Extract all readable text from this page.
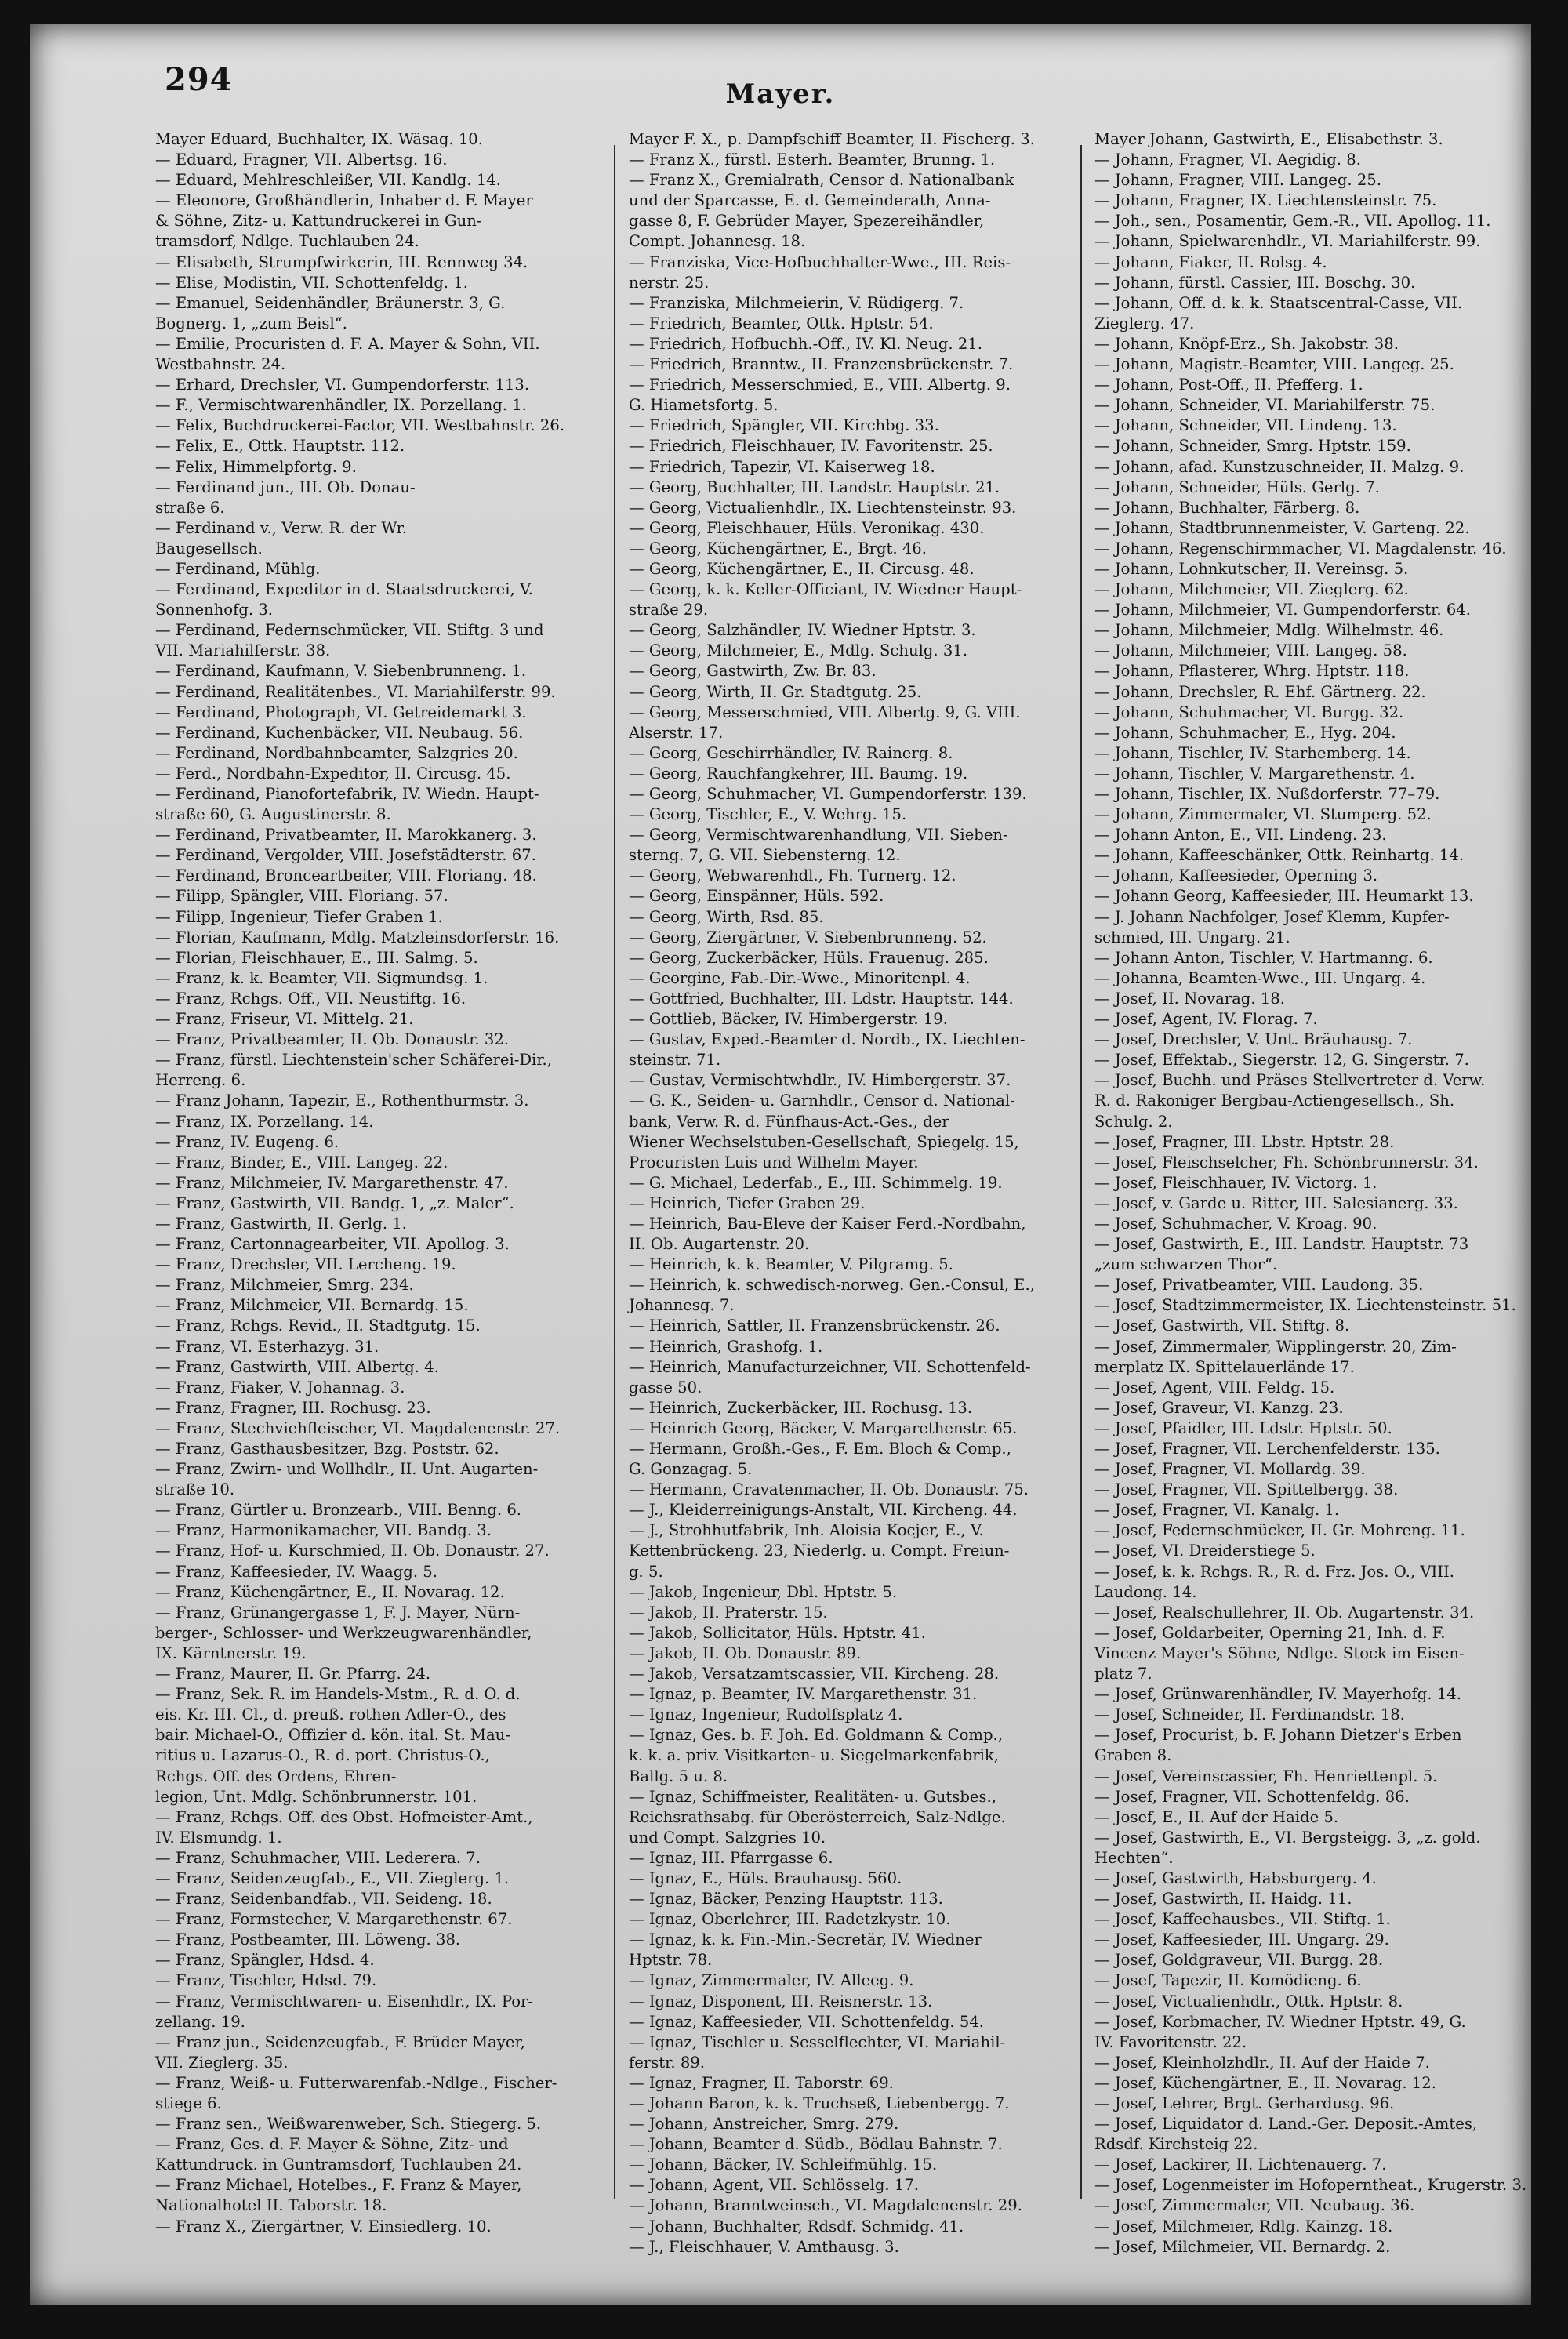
294	Mayer.
Mayer Eduard, Buchhalter, IX. Wäsag. 10.
— Eduard, Fragner, VII. Albertsg. 16.
— Eduard, Mehlreschleißer, VII. Kandlg. 14.
— Eleonore, Großhändlerin, Inhaber d. F. Mayer
& Söhne, Zitz- u. Kattundruckerei in Gun-
tramsdorf, Ndlge. Tuchlauben 24.
— Elisabeth, Strumpfwirkerin, III. Rennweg 34.
— Elise, Modistin, VII. Schottenfeldg. 1.
— Emanuel, Seidenhändler, Bräunerstr. 3, G.
Bognerg. 1, „zum Beisl“.
— Emilie, Procuristen d. F. A. Mayer & Sohn, VII.
Westbahnstr. 24.
— Erhard, Drechsler, VI. Gumpendorferstr. 113.
— F., Vermischtwarenhändler, IX. Porzellang. 1.
— Felix, Buchdruckerei-Factor, VII. Westbahnstr. 26.
— Felix, E., Ottk. Hauptstr. 112.
— Felix, Himmelpfortg. 9.
— Ferdinand jun., III. Ob. Donau-
straße 6.
— Ferdinand v., Verw. R. der Wr.
Baugesellsch.
— Ferdinand, Mühlg.
— Ferdinand, Expeditor in d. Staatsdruckerei, V.
Sonnenhofg. 3.
— Ferdinand, Federnschmücker, VII. Stiftg. 3 und
VII. Mariahilferstr. 38.
— Ferdinand, Kaufmann, V. Siebenbrunneng. 1.
— Ferdinand, Realitätenbes., VI. Mariahilferstr. 99.
— Ferdinand, Photograph, VI. Getreidemarkt 3.
— Ferdinand, Kuchenbäcker, VII. Neubaug. 56.
— Ferdinand, Nordbahnbeamter, Salzgries 20.
— Ferd., Nordbahn-Expeditor, II. Circusg. 45.
— Ferdinand, Pianofortefabrik, IV. Wiedn. Haupt-
straße 60, G. Augustinerstr. 8.
— Ferdinand, Privatbeamter, II. Marokkanerg. 3.
— Ferdinand, Vergolder, VIII. Josefstädterstr. 67.
— Ferdinand, Bronceartbeiter, VIII. Floriang. 48.
— Filipp, Spängler, VIII. Floriang. 57.
— Filipp, Ingenieur, Tiefer Graben 1.
— Florian, Kaufmann, Mdlg. Matzleinsdorferstr. 16.
— Florian, Fleischhauer, E., III. Salmg. 5.
— Franz, k. k. Beamter, VII. Sigmundsg. 1.
— Franz, Rchgs. Off., VII. Neustiftg. 16.
— Franz, Friseur, VI. Mittelg. 21.
— Franz, Privatbeamter, II. Ob. Donaustr. 32.
— Franz, fürstl. Liechtenstein'scher Schäferei-Dir.,
Herreng. 6.
— Franz Johann, Tapezir, E., Rothenthurmstr. 3.
— Franz, IX. Porzellang. 14.
— Franz, IV. Eugeng. 6.
— Franz, Binder, E., VIII. Langeg. 22.
— Franz, Milchmeier, IV. Margarethenstr. 47.
— Franz, Gastwirth, VII. Bandg. 1, „z. Maler“.
— Franz, Gastwirth, II. Gerlg. 1.
— Franz, Cartonnagearbeiter, VII. Apollog. 3.
— Franz, Drechsler, VII. Lercheng. 19.
— Franz, Milchmeier, Smrg. 234.
— Franz, Milchmeier, VII. Bernardg. 15.
— Franz, Rchgs. Revid., II. Stadtgutg. 15.
— Franz, VI. Esterhazyg. 31.
— Franz, Gastwirth, VIII. Albertg. 4.
— Franz, Fiaker, V. Johannag. 3.
— Franz, Fragner, III. Rochusg. 23.
— Franz, Stechviehfleischer, VI. Magdalenenstr. 27.
— Franz, Gasthausbesitzer, Bzg. Poststr. 62.
— Franz, Zwirn- und Wollhdlr., II. Unt. Augarten-
straße 10.
— Franz, Gürtler u. Bronzearb., VIII. Benng. 6.
— Franz, Harmonikamacher, VII. Bandg. 3.
— Franz, Hof- u. Kurschmied, II. Ob. Donaustr. 27.
— Franz, Kaffeesieder, IV. Waagg. 5.
— Franz, Küchengärtner, E., II. Novarag. 12.
— Franz, Grünangergasse 1, F. J. Mayer, Nürn-
berger-, Schlosser- und Werkzeugwarenhändler,
IX. Kärntnerstr. 19.
— Franz, Maurer, II. Gr. Pfarrg. 24.
— Franz, Sek. R. im Handels-Mstm., R. d. O. d.
eis. Kr. III. Cl., d. preuß. rothen Adler-O., des
bair. Michael-O., Offizier d. kön. ital. St. Mau-
ritius u. Lazarus-O., R. d. port. Christus-O.,
Rchgs. Off. des Ordens, Ehren-
legion, Unt. Mdlg. Schönbrunnerstr. 101.
— Franz, Rchgs. Off. des Obst. Hofmeister-Amt.,
IV. Elsmundg. 1.
— Franz, Schuhmacher, VIII. Lederera. 7.
— Franz, Seidenzeugfab., E., VII. Zieglerg. 1.
— Franz, Seidenbandfab., VII. Seideng. 18.
— Franz, Formstecher, V. Margarethenstr. 67.
— Franz, Postbeamter, III. Löweng. 38.
— Franz, Spängler, Hdsd. 4.
— Franz, Tischler, Hdsd. 79.
— Franz, Vermischtwaren- u. Eisenhdlr., IX. Por-
zellang. 19.
— Franz jun., Seidenzeugfab., F. Brüder Mayer,
VII. Zieglerg. 35.
— Franz, Weiß- u. Futterwarenfab.-Ndlge., Fischer-
stiege 6.
— Franz sen., Weißwarenweber, Sch. Stiegerg. 5.
— Franz, Ges. d. F. Mayer & Söhne, Zitz- und
Kattundruck. in Guntramsdorf, Tuchlauben 24.
— Franz Michael, Hotelbes., F. Franz & Mayer,
Nationalhotel II. Taborstr. 18.
— Franz X., Ziergärtner, V. Einsiedlerg. 10.
Mayer F. X., p. Dampfschiff Beamter, II. Fischerg. 3.
— Franz X., fürstl. Esterh. Beamter, Brunng. 1.
— Franz X., Gremialrath, Censor d. Nationalbank
und der Sparcasse, E. d. Gemeinderath, Anna-
gasse 8, F. Gebrüder Mayer, Spezereihändler,
Compt. Johannesg. 18.
— Franziska, Vice-Hofbuchhalter-Wwe., III. Reis-
nerstr. 25.
— Franziska, Milchmeierin, V. Rüdigerg. 7.
— Friedrich, Beamter, Ottk. Hptstr. 54.
— Friedrich, Hofbuchh.-Off., IV. Kl. Neug. 21.
— Friedrich, Branntw., II. Franzensbrückenstr. 7.
— Friedrich, Messerschmied, E., VIII. Albertg. 9.
G. Hiametsfortg. 5.
— Friedrich, Spängler, VII. Kirchbg. 33.
— Friedrich, Fleischhauer, IV. Favoritenstr. 25.
— Friedrich, Tapezir, VI. Kaiserweg 18.
— Georg, Buchhalter, III. Landstr. Hauptstr. 21.
— Georg, Victualienhdlr., IX. Liechtensteinstr. 93.
— Georg, Fleischhauer, Hüls. Veronikag. 430.
— Georg, Küchengärtner, E., Brgt. 46.
— Georg, Küchengärtner, E., II. Circusg. 48.
— Georg, k. k. Keller-Officiant, IV. Wiedner Haupt-
straße 29.
— Georg, Salzhändler, IV. Wiedner Hptstr. 3.
— Georg, Milchmeier, E., Mdlg. Schulg. 31.
— Georg, Gastwirth, Zw. Br. 83.
— Georg, Wirth, II. Gr. Stadtgutg. 25.
— Georg, Messerschmied, VIII. Albertg. 9, G. VIII.
Alserstr. 17.
— Georg, Geschirrhändler, IV. Rainerg. 8.
— Georg, Rauchfangkehrer, III. Baumg. 19.
— Georg, Schuhmacher, VI. Gumpendorferstr. 139.
— Georg, Tischler, E., V. Wehrg. 15.
— Georg, Vermischtwarenhandlung, VII. Sieben-
sterng. 7, G. VII. Siebensterng. 12.
— Georg, Webwarenhdl., Fh. Turnerg. 12.
— Georg, Einspänner, Hüls. 592.
— Georg, Wirth, Rsd. 85.
— Georg, Ziergärtner, V. Siebenbrunneng. 52.
— Georg, Zuckerbäcker, Hüls. Frauenug. 285.
— Georgine, Fab.-Dir.-Wwe., Minoritenpl. 4.
— Gottfried, Buchhalter, III. Ldstr. Hauptstr. 144.
— Gottlieb, Bäcker, IV. Himbergerstr. 19.
— Gustav, Exped.-Beamter d. Nordb., IX. Liechten-
steinstr. 71.
— Gustav, Vermischtwhdlr., IV. Himbergerstr. 37.
— G. K., Seiden- u. Garnhdlr., Censor d. National-
bank, Verw. R. d. Fünfhaus-Act.-Ges., der
Wiener Wechselstuben-Gesellschaft, Spiegelg. 15,
Procuristen Luis und Wilhelm Mayer.
— G. Michael, Lederfab., E., III. Schimmelg. 19.
— Heinrich, Tiefer Graben 29.
— Heinrich, Bau-Eleve der Kaiser Ferd.-Nordbahn,
II. Ob. Augartenstr. 20.
— Heinrich, k. k. Beamter, V. Pilgramg. 5.
— Heinrich, k. schwedisch-norweg. Gen.-Consul, E.,
Johannesg. 7.
— Heinrich, Sattler, II. Franzensbrückenstr. 26.
— Heinrich, Grashofg. 1.
— Heinrich, Manufacturzeichner, VII. Schottenfeld-
gasse 50.
— Heinrich, Zuckerbäcker, III. Rochusg. 13.
— Heinrich Georg, Bäcker, V. Margarethenstr. 65.
— Hermann, Großh.-Ges., F. Em. Bloch & Comp.,
G. Gonzagag. 5.
— Hermann, Cravatenmacher, II. Ob. Donaustr. 75.
— J., Kleiderreinigungs-Anstalt, VII. Kircheng. 44.
— J., Strohhutfabrik, Inh. Aloisia Kocjer, E., V.
Kettenbrückeng. 23, Niederlg. u. Compt. Freiun-
g. 5.
— Jakob, Ingenieur, Dbl. Hptstr. 5.
— Jakob, II. Praterstr. 15.
— Jakob, Sollicitator, Hüls. Hptstr. 41.
— Jakob, II. Ob. Donaustr. 89.
— Jakob, Versatzamtscassier, VII. Kircheng. 28.
— Ignaz, p. Beamter, IV. Margarethenstr. 31.
— Ignaz, Ingenieur, Rudolfsplatz 4.
— Ignaz, Ges. b. F. Joh. Ed. Goldmann & Comp.,
k. k. a. priv. Visitkarten- u. Siegelmarkenfabrik,
Ballg. 5 u. 8.
— Ignaz, Schiffmeister, Realitäten- u. Gutsbes.,
Reichsrathsabg. für Oberösterreich, Salz-Ndlge.
und Compt. Salzgries 10.
— Ignaz, III. Pfarrgasse 6.
— Ignaz, E., Hüls. Brauhausg. 560.
— Ignaz, Bäcker, Penzing Hauptstr. 113.
— Ignaz, Oberlehrer, III. Radetzkystr. 10.
— Ignaz, k. k. Fin.-Min.-Secretär, IV. Wiedner
Hptstr. 78.
— Ignaz, Zimmermaler, IV. Alleeg. 9.
— Ignaz, Disponent, III. Reisnerstr. 13.
— Ignaz, Kaffeesieder, VII. Schottenfeldg. 54.
— Ignaz, Tischler u. Sesselflechter, VI. Mariahil-
ferstr. 89.
— Ignaz, Fragner, II. Taborstr. 69.
— Johann Baron, k. k. Truchseß, Liebenbergg. 7.
— Johann, Anstreicher, Smrg. 279.
— Johann, Beamter d. Südb., Bödlau Bahnstr. 7.
— Johann, Bäcker, IV. Schleifmühlg. 15.
— Johann, Agent, VII. Schlösselg. 17.
— Johann, Branntweinsch., VI. Magdalenenstr. 29.
— Johann, Buchhalter, Rdsdf. Schmidg. 41.
— J., Fleischhauer, V. Amthausg. 3.
Mayer Johann, Gastwirth, E., Elisabethstr. 3.
— Johann, Fragner, VI. Aegidig. 8.
— Johann, Fragner, VIII. Langeg. 25.
— Johann, Fragner, IX. Liechtensteinstr. 75.
— Joh., sen., Posamentir, Gem.-R., VII. Apollog. 11.
— Johann, Spielwarenhdlr., VI. Mariahilferstr. 99.
— Johann, Fiaker, II. Rolsg. 4.
— Johann, fürstl. Cassier, III. Boschg. 30.
— Johann, Off. d. k. k. Staatscentral-Casse, VII.
Zieglerg. 47.
— Johann, Knöpf-Erz., Sh. Jakobstr. 38.
— Johann, Magistr.-Beamter, VIII. Langeg. 25.
— Johann, Post-Off., II. Pfefferg. 1.
— Johann, Schneider, VI. Mariahilferstr. 75.
— Johann, Schneider, VII. Lindeng. 13.
— Johann, Schneider, Smrg. Hptstr. 159.
— Johann, afad. Kunstzuschneider, II. Malzg. 9.
— Johann, Schneider, Hüls. Gerlg. 7.
— Johann, Buchhalter, Färberg. 8.
— Johann, Stadtbrunnenmeister, V. Garteng. 22.
— Johann, Regenschirmmacher, VI. Magdalenstr. 46.
— Johann, Lohnkutscher, II. Vereinsg. 5.
— Johann, Milchmeier, VII. Zieglerg. 62.
— Johann, Milchmeier, VI. Gumpendorferstr. 64.
— Johann, Milchmeier, Mdlg. Wilhelmstr. 46.
— Johann, Milchmeier, VIII. Langeg. 58.
— Johann, Pflasterer, Whrg. Hptstr. 118.
— Johann, Drechsler, R. Ehf. Gärtnerg. 22.
— Johann, Schuhmacher, VI. Burgg. 32.
— Johann, Schuhmacher, E., Hyg. 204.
— Johann, Tischler, IV. Starhemberg. 14.
— Johann, Tischler, V. Margarethenstr. 4.
— Johann, Tischler, IX. Nußdorferstr. 77–79.
— Johann, Zimmermaler, VI. Stumperg. 52.
— Johann Anton, E., VII. Lindeng. 23.
— Johann, Kaffeeschänker, Ottk. Reinhartg. 14.
— Johann, Kaffeesieder, Operning 3.
— Johann Georg, Kaffeesieder, III. Heumarkt 13.
— J. Johann Nachfolger, Josef Klemm, Kupfer-
schmied, III. Ungarg. 21.
— Johann Anton, Tischler, V. Hartmanng. 6.
— Johanna, Beamten-Wwe., III. Ungarg. 4.
— Josef, II. Novarag. 18.
— Josef, Agent, IV. Florag. 7.
— Josef, Drechsler, V. Unt. Bräuhausg. 7.
— Josef, Effektab., Siegerstr. 12, G. Singerstr. 7.
— Josef, Buchh. und Präses Stellvertreter d. Verw.
R. d. Rakoniger Bergbau-Actiengesellsch., Sh.
Schulg. 2.
— Josef, Fragner, III. Lbstr. Hptstr. 28.
— Josef, Fleischselcher, Fh. Schönbrunnerstr. 34.
— Josef, Fleischhauer, IV. Victorg. 1.
— Josef, v. Garde u. Ritter, III. Salesianerg. 33.
— Josef, Schuhmacher, V. Kroag. 90.
— Josef, Gastwirth, E., III. Landstr. Hauptstr. 73
„zum schwarzen Thor“.
— Josef, Privatbeamter, VIII. Laudong. 35.
— Josef, Stadtzimmermeister, IX. Liechtensteinstr. 51.
— Josef, Gastwirth, VII. Stiftg. 8.
— Josef, Zimmermaler, Wipplingerstr. 20, Zim-
merplatz IX. Spittelauerlände 17.
— Josef, Agent, VIII. Feldg. 15.
— Josef, Graveur, VI. Kanzg. 23.
— Josef, Pfaidler, III. Ldstr. Hptstr. 50.
— Josef, Fragner, VII. Lerchenfelderstr. 135.
— Josef, Fragner, VI. Mollardg. 39.
— Josef, Fragner, VII. Spittelbergg. 38.
— Josef, Fragner, VI. Kanalg. 1.
— Josef, Federnschmücker, II. Gr. Mohreng. 11.
— Josef, VI. Dreiderstiege 5.
— Josef, k. k. Rchgs. R., R. d. Frz. Jos. O., VIII.
Laudong. 14.
— Josef, Realschullehrer, II. Ob. Augartenstr. 34.
— Josef, Goldarbeiter, Operning 21, Inh. d. F.
Vincenz Mayer's Söhne, Ndlge. Stock im Eisen-
platz 7.
— Josef, Grünwarenhändler, IV. Mayerhofg. 14.
— Josef, Schneider, II. Ferdinandstr. 18.
— Josef, Procurist, b. F. Johann Dietzer's Erben
Graben 8.
— Josef, Vereinscassier, Fh. Henriettenpl. 5.
— Josef, Fragner, VII. Schottenfeldg. 86.
— Josef, E., II. Auf der Haide 5.
— Josef, Gastwirth, E., VI. Bergsteigg. 3, „z. gold.
Hechten“.
— Josef, Gastwirth, Habsburgerg. 4.
— Josef, Gastwirth, II. Haidg. 11.
— Josef, Kaffeehausbes., VII. Stiftg. 1.
— Josef, Kaffeesieder, III. Ungarg. 29.
— Josef, Goldgraveur, VII. Burgg. 28.
— Josef, Tapezir, II. Komödieng. 6.
— Josef, Victualienhdlr., Ottk. Hptstr. 8.
— Josef, Korbmacher, IV. Wiedner Hptstr. 49, G.
IV. Favoritenstr. 22.
— Josef, Kleinholzhdlr., II. Auf der Haide 7.
— Josef, Küchengärtner, E., II. Novarag. 12.
— Josef, Lehrer, Brgt. Gerhardusg. 96.
— Josef, Liquidator d. Land.-Ger. Deposit.-Amtes,
Rdsdf. Kirchsteig 22.
— Josef, Lackirer, II. Lichtenauerg. 7.
— Josef, Logenmeister im Hofoperntheat., Krugerstr. 3.
— Josef, Zimmermaler, VII. Neubaug. 36.
— Josef, Milchmeier, Rdlg. Kainzg. 18.
— Josef, Milchmeier, VII. Bernardg. 2.
